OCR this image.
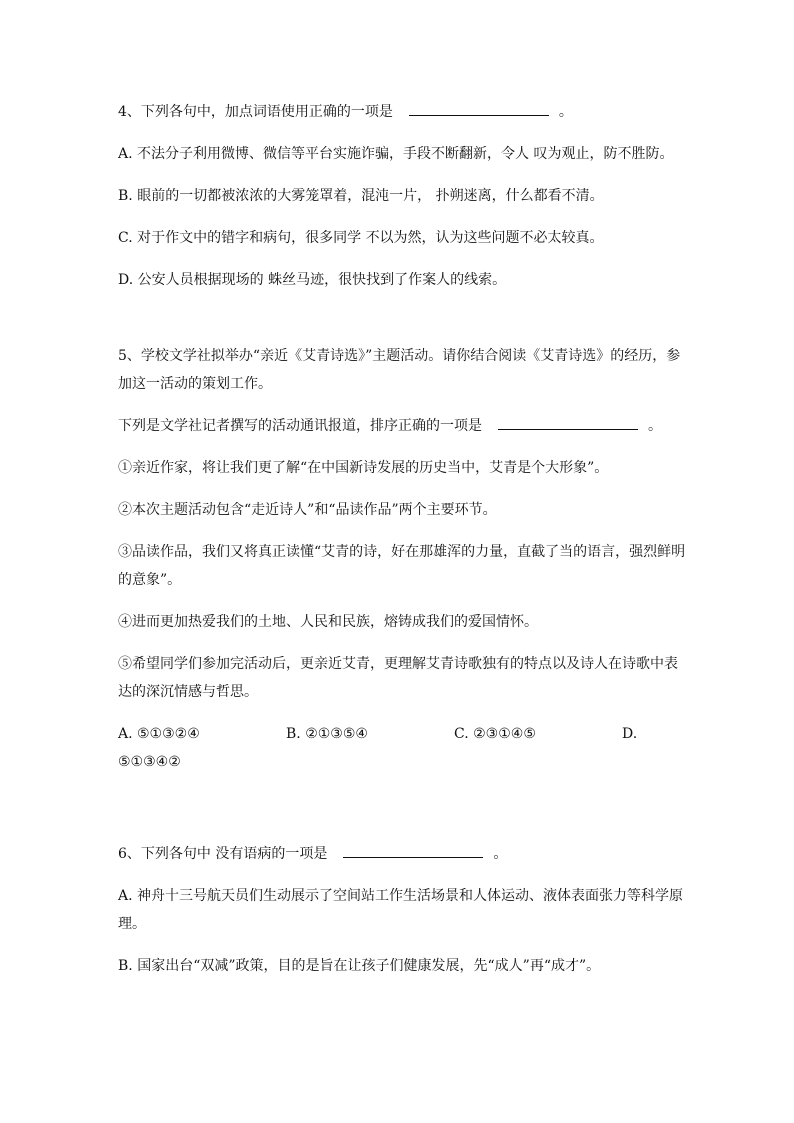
4、下列各句中，加点词语使用正确的一项是	。

A. 不法分子利用微博、微信等平台实施诈骗，手段不断翻新，令人 叹为观止，防不胜防。

B. 眼前的一切都被浓浓的大雾笼罩着，混沌一片， 扑朔迷离，什么都看不清。

C. 对于作文中的错字和病句，很多同学 不以为然，认为这些问题不必太较真。

D. 公安人员根据现场的 蛛丝马迹，很快找到了作案人的线索。

5、学校文学社拟举办“亲近《艾青诗选》”主题活动。请你结合阅读《艾青诗选》的经历，参加这一活动的策划工作。

下列是文学社记者撰写的活动通讯报道，排序正确的一项是	。

①亲近作家，将让我们更了解“在中国新诗发展的历史当中，艾青是个大形象”。

②本次主题活动包含“走近诗人”和“品读作品”两个主要环节。

③品读作品，我们又将真正读懂“艾青的诗，好在那雄浑的力量，直截了当的语言，强烈鲜明的意象”。

④进而更加热爱我们的土地、人民和民族，熔铸成我们的爱国情怀。

⑤希望同学们参加完活动后，更亲近艾青，更理解艾青诗歌独有的特点以及诗人在诗歌中表达的深沉情感与哲思。

A. ⑤①③②④	B. ②①③⑤④	C. ②③①④⑤	D.

⑤①③④②

6、下列各句中 没有语病的一项是	。

A. 神舟十三号航天员们生动展示了空间站工作生活场景和人体运动、液体表面张力等科学原理。

B. 国家出台“双减”政策，目的是旨在让孩子们健康发展，先“成人”再“成才”。
